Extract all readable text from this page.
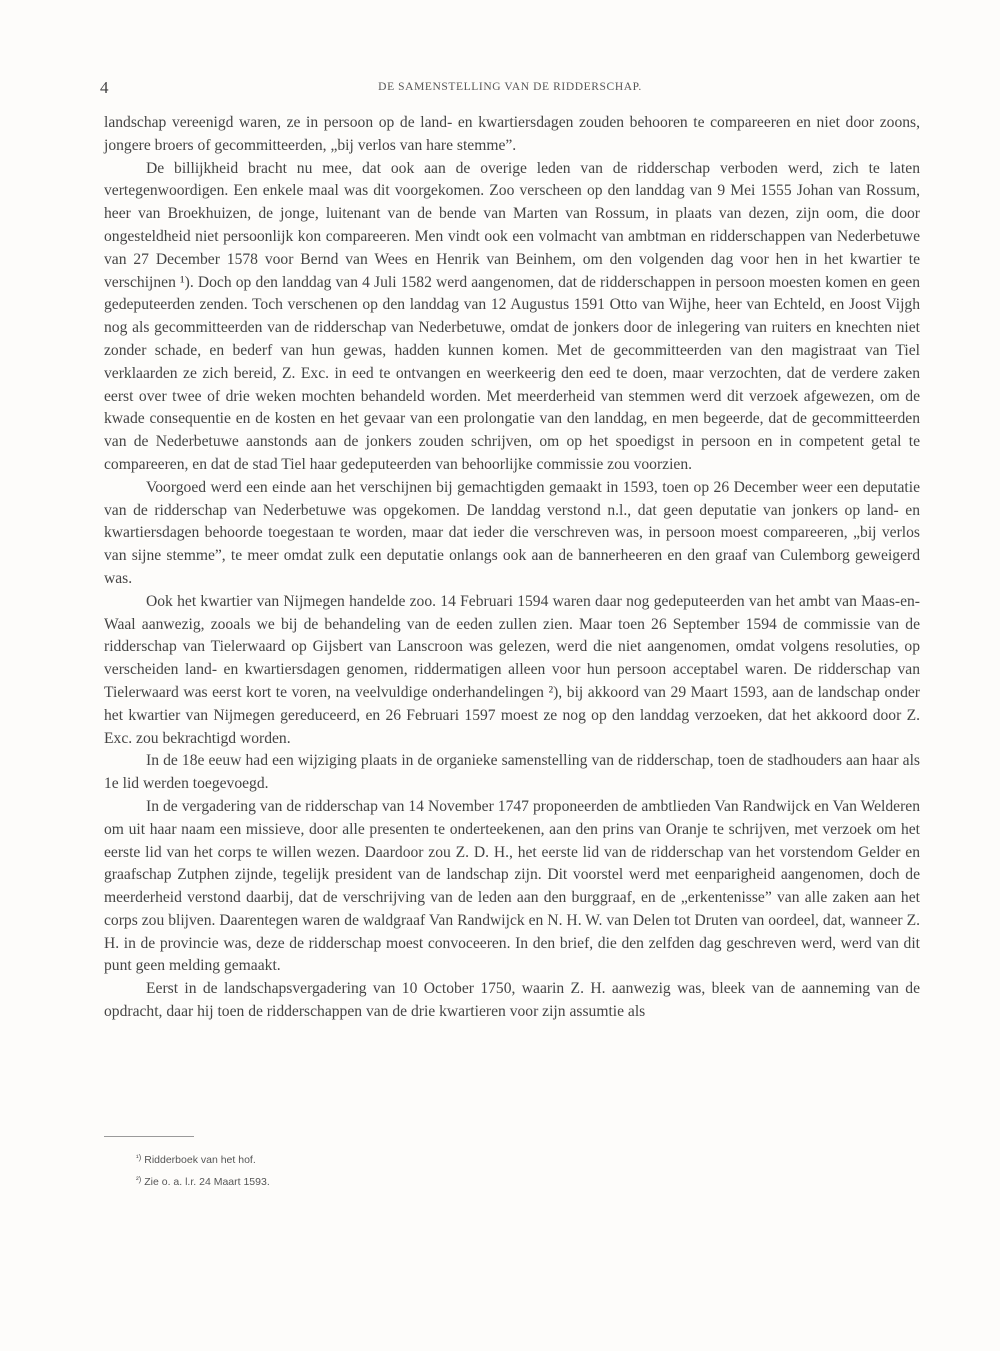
4	DE SAMENSTELLING VAN DE RIDDERSCHAP.

landschap vereenigd waren, ze in persoon op de land- en kwartiersdagen zouden behooren te compareeren en niet door zoons, jongere broers of gecommitteerden, „bij verlos van hare stemme”.

De billijkheid bracht nu mee, dat ook aan de overige leden van de ridderschap verboden werd, zich te laten vertegenwoordigen. Een enkele maal was dit voorgekomen. Zoo verscheen op den landdag van 9 Mei 1555 Johan van Rossum, heer van Broekhuizen, de jonge, luitenant van de bende van Marten van Rossum, in plaats van dezen, zijn oom, die door ongesteldheid niet persoonlijk kon compareeren. Men vindt ook een volmacht van ambtman en ridderschappen van Nederbetuwe van 27 December 1578 voor Bernd van Wees en Henrik van Beinhem, om den volgenden dag voor hen in het kwartier te verschijnen ¹). Doch op den landdag van 4 Juli 1582 werd aangenomen, dat de ridderschappen in persoon moesten komen en geen gedeputeerden zenden. Toch verschenen op den landdag van 12 Augustus 1591 Otto van Wijhe, heer van Echteld, en Joost Vijgh nog als gecommitteerden van de ridderschap van Nederbetuwe, omdat de jonkers door de inlegering van ruiters en knechten niet zonder schade, en bederf van hun gewas, hadden kunnen komen. Met de gecommitteerden van den magistraat van Tiel verklaarden ze zich bereid, Z. Exc. in eed te ontvangen en weerkeerig den eed te doen, maar verzochten, dat de verdere zaken eerst over twee of drie weken mochten behandeld worden. Met meerderheid van stemmen werd dit verzoek afgewezen, om de kwade consequentie en de kosten en het gevaar van een prolongatie van den landdag, en men begeerde, dat de gecommitteerden van de Nederbetuwe aanstonds aan de jonkers zouden schrijven, om op het spoedigst in persoon en in competent getal te compareeren, en dat de stad Tiel haar gedeputeerden van behoorlijke commissie zou voorzien.

Voorgoed werd een einde aan het verschijnen bij gemachtigden gemaakt in 1593, toen op 26 December weer een deputatie van de ridderschap van Nederbetuwe was opgekomen. De landdag verstond n.l., dat geen deputatie van jonkers op land- en kwartiersdagen behoorde toegestaan te worden, maar dat ieder die verschreven was, in persoon moest compareeren, „bij verlos van sijne stemme”, te meer omdat zulk een deputatie onlangs ook aan de bannerheeren en den graaf van Culemborg geweigerd was.

Ook het kwartier van Nijmegen handelde zoo. 14 Februari 1594 waren daar nog gedeputeerden van het ambt van Maas-en-Waal aanwezig, zooals we bij de behandeling van de eeden zullen zien. Maar toen 26 September 1594 de commissie van de ridderschap van Tielerwaard op Gijsbert van Lanscroon was gelezen, werd die niet aangenomen, omdat volgens resoluties, op verscheiden land- en kwartiersdagen genomen, riddermatigen alleen voor hun persoon acceptabel waren. De ridderschap van Tielerwaard was eerst kort te voren, na veelvuldige onderhandelingen ²), bij akkoord van 29 Maart 1593, aan de landschap onder het kwartier van Nijmegen gereduceerd, en 26 Februari 1597 moest ze nog op den landdag verzoeken, dat het akkoord door Z. Exc. zou bekrachtigd worden.

In de 18e eeuw had een wijziging plaats in de organieke samenstelling van de ridderschap, toen de stadhouders aan haar als 1e lid werden toegevoegd.

In de vergadering van de ridderschap van 14 November 1747 proponeerden de ambtlieden Van Randwijck en Van Welderen om uit haar naam een missieve, door alle presenten te onderteekenen, aan den prins van Oranje te schrijven, met verzoek om het eerste lid van het corps te willen wezen. Daardoor zou Z. D. H., het eerste lid van de ridderschap van het vorstendom Gelder en graafschap Zutphen zijnde, tegelijk president van de landschap zijn. Dit voorstel werd met eenparigheid aangenomen, doch de meerderheid verstond daarbij, dat de verschrijving van de leden aan den burggraaf, en de „erkentenisse” van alle zaken aan het corps zou blijven. Daarentegen waren de waldgraaf Van Randwijck en N. H. W. van Delen tot Druten van oordeel, dat, wanneer Z. H. in de provincie was, deze de ridderschap moest convoceeren. In den brief, die den zelfden dag geschreven werd, werd van dit punt geen melding gemaakt.

Eerst in de landschapsvergadering van 10 October 1750, waarin Z. H. aanwezig was, bleek van de aanneming van de opdracht, daar hij toen de ridderschappen van de drie kwartieren voor zijn assumtie als

$^{^1)}$ Ridderboek van het hof.

$^{^2)}$ Zie o. a. l.r. 24 Maart 1593.
